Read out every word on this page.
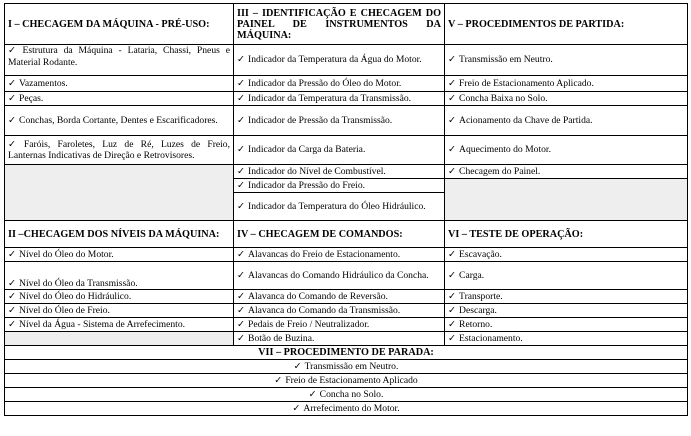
I – CHECAGEM DA MÁQUINA - PRÉ-USO:	III – IDENTIFICAÇÃO E CHECAGEM DO PAINEL DE INSTRUMENTOS DA MÁQUINA:	V – PROCEDIMENTOS DE PARTIDA:
✓ Estrutura da Máquina - Lataria, Chassi, Pneus e Material Rodante.	✓ Indicador da Temperatura da Água do Motor.	✓ Transmissão em Neutro.
✓ Vazamentos.	✓ Indicador da Pressão do Óleo do Motor.	✓ Freio de Estacionamento Aplicado.
✓ Peças.	✓ Indicador da Temperatura da Transmissão.	✓ Concha Baixa no Solo.
✓ Conchas, Borda Cortante, Dentes e Escarificadores.	✓ Indicador de Pressão da Transmissão.	✓ Acionamento da Chave de Partida.
✓ Faróis, Faroletes, Luz de Ré, Luzes de Freio, Lanternas Indicativas de Direção e Retrovisores.	✓ Indicador da Carga da Bateria.	✓ Aquecimento do Motor.
	✓ Indicador do Nível de Combustível.	✓ Checagem do Painel.
	✓ Indicador da Pressão do Freio.	
	✓ Indicador da Temperatura do Óleo Hidráulico.	
II –CHECAGEM DOS NÍVEIS DA MÁQUINA:	IV – CHECAGEM DE COMANDOS:	VI – TESTE DE OPERAÇÃO:
✓ Nível do Óleo do Motor.	✓ Alavancas do Freio de Estacionamento.	✓ Escavação.
✓ Nível do Óleo da Transmissão.	✓ Alavancas do Comando Hidráulico da Concha.	✓ Carga.
✓ Nível do Óleo do Hidráulico.	✓ Alavanca do Comando de Reversão.	✓ Transporte.
✓ Nível do Óleo de Freio.	✓ Alavanca do Comando da Transmissão.	✓ Descarga.
✓ Nível da Água - Sistema de Arrefecimento.	✓ Pedais de Freio / Neutralizador.	✓ Retorno.
	✓ Botão de Buzina.	✓ Estacionamento.
VII – PROCEDIMENTO DE PARADA:		
✓ Transmissão em Neutro.		
✓ Freio de Estacionamento Aplicado		
✓ Concha no Solo.		
✓ Arrefecimento do Motor.		
